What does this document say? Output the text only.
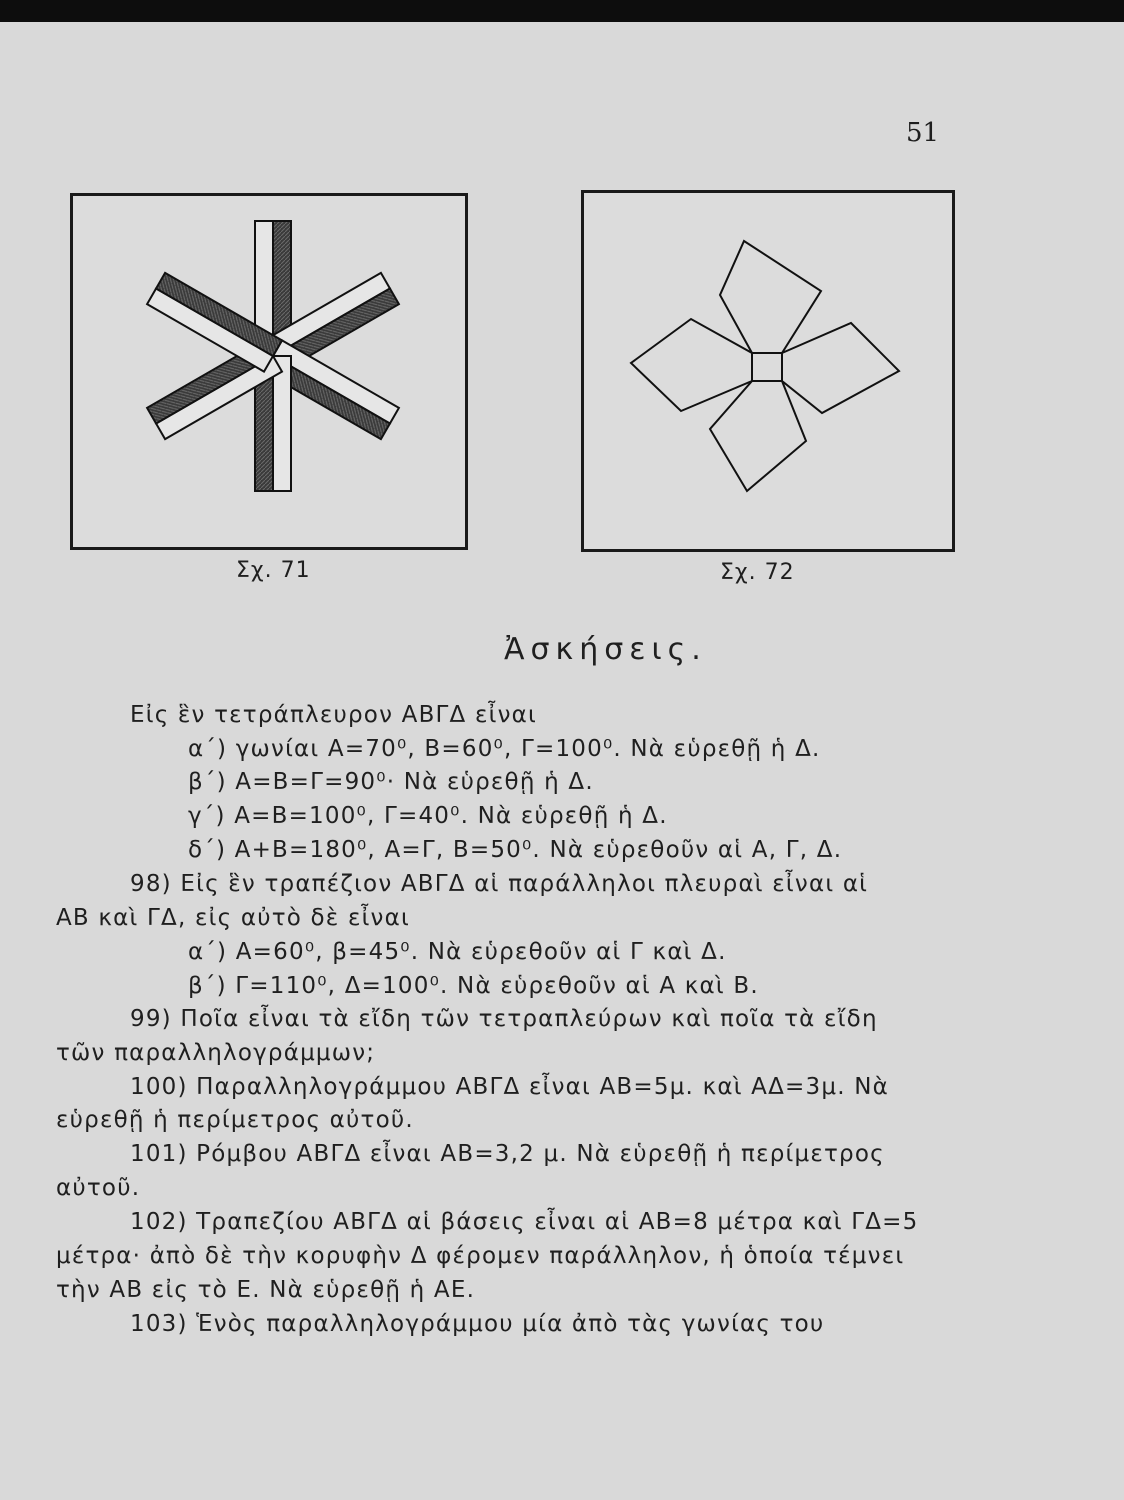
51
Σχ. 71	Σχ. 72
Ἀσκήσεις.
Εἰς ἓν τετράπλευρον ΑΒΓΔ εἶναι
α΄) γωνίαι Α=70⁰, Β=60⁰, Γ=100⁰. Νὰ εὑρεθῇ ἡ Δ.
β΄) Α=Β=Γ=90⁰· Νὰ εὑρεθῇ ἡ Δ.
γ΄) Α=Β=100⁰, Γ=40⁰. Νὰ εὑρεθῇ ἡ Δ.
δ΄) Α+Β=180⁰, Α=Γ, Β=50⁰. Νὰ εὑρεθοῦν αἱ Α, Γ, Δ.
98) Εἰς ἓν τραπέζιον ΑΒΓΔ αἱ παράλληλοι πλευραὶ εἶναι αἱ
ΑΒ καὶ ΓΔ, εἰς αὐτὸ δὲ εἶναι
α΄) Α=60⁰, β=45⁰. Νὰ εὑρεθοῦν αἱ Γ καὶ Δ.
β΄) Γ=110⁰, Δ=100⁰. Νὰ εὑρεθοῦν αἱ Α καὶ Β.
99) Ποῖα εἶναι τὰ εἴδη τῶν τετραπλεύρων καὶ ποῖα τὰ εἴδη
τῶν παραλληλογράμμων;
100) Παραλληλογράμμου ΑΒΓΔ εἶναι ΑΒ=5μ. καὶ ΑΔ=3μ. Νὰ
εὑρεθῇ ἡ περίμετρος αὐτοῦ.
101) Ρόμβου ΑΒΓΔ εἶναι ΑΒ=3,2 μ. Νὰ εὑρεθῇ ἡ περίμετρος
αὐτοῦ.
102) Τραπεζίου ΑΒΓΔ αἱ βάσεις εἶναι αἱ ΑΒ=8 μέτρα καὶ ΓΔ=5
μέτρα· ἀπὸ δὲ τὴν κορυφὴν Δ φέρομεν παράλληλον, ἡ ὁποία τέμνει
τὴν ΑΒ εἰς τὸ Ε. Νὰ εὑρεθῇ ἡ ΑΕ.
103) Ἑνὸς παραλληλογράμμου μία ἀπὸ τὰς γωνίας του
